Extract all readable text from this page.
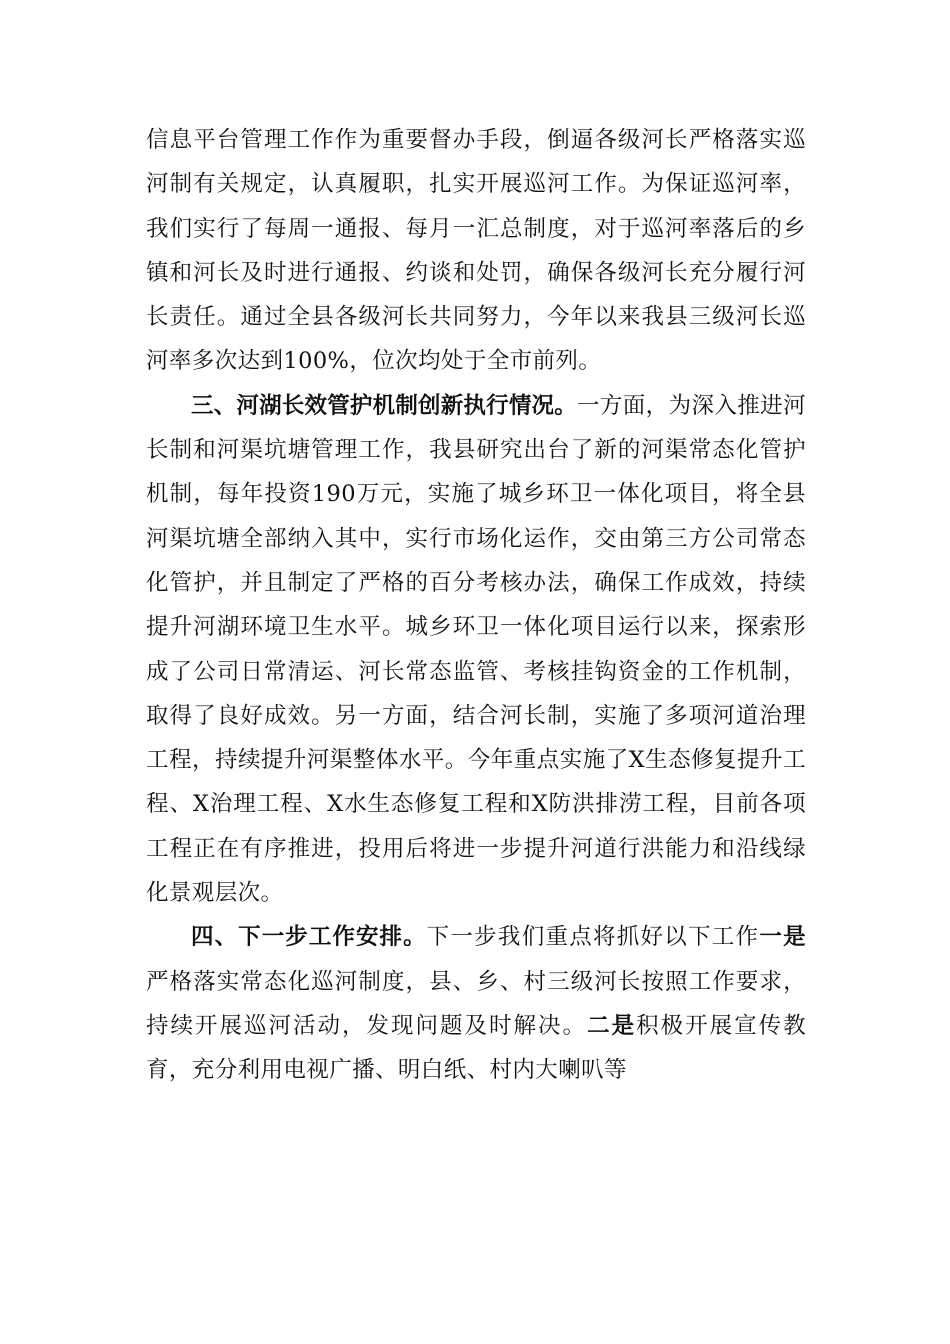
信息平台管理工作作为重要督办手段，倒逼各级河长严格落实巡河制有关规定，认真履职，扎实开展巡河工作。为保证巡河率，我们实行了每周一通报、每月一汇总制度，对于巡河率落后的乡镇和河长及时进行通报、约谈和处罚，确保各级河长充分履行河长责任。通过全县各级河长共同努力，今年以来我县三级河长巡河率多次达到100%，位次均处于全市前列。

三、河湖长效管护机制创新执行情况。一方面，为深入推进河长制和河渠坑塘管理工作，我县研究出台了新的河渠常态化管护机制，每年投资190万元，实施了城乡环卫一体化项目，将全县河渠坑塘全部纳入其中，实行市场化运作，交由第三方公司常态化管护，并且制定了严格的百分考核办法，确保工作成效，持续提升河湖环境卫生水平。城乡环卫一体化项目运行以来，探索形成了公司日常清运、河长常态监管、考核挂钩资金的工作机制，取得了良好成效。另一方面，结合河长制，实施了多项河道治理工程，持续提升河渠整体水平。今年重点实施了X生态修复提升工程、X治理工程、X水生态修复工程和X防洪排涝工程，目前各项工程正在有序推进，投用后将进一步提升河道行洪能力和沿线绿化景观层次。

四、下一步工作安排。下一步我们重点将抓好以下工作一是严格落实常态化巡河制度，县、乡、村三级河长按照工作要求，持续开展巡河活动，发现问题及时解决。二是积极开展宣传教育，充分利用电视广播、明白纸、村内大喇叭等
